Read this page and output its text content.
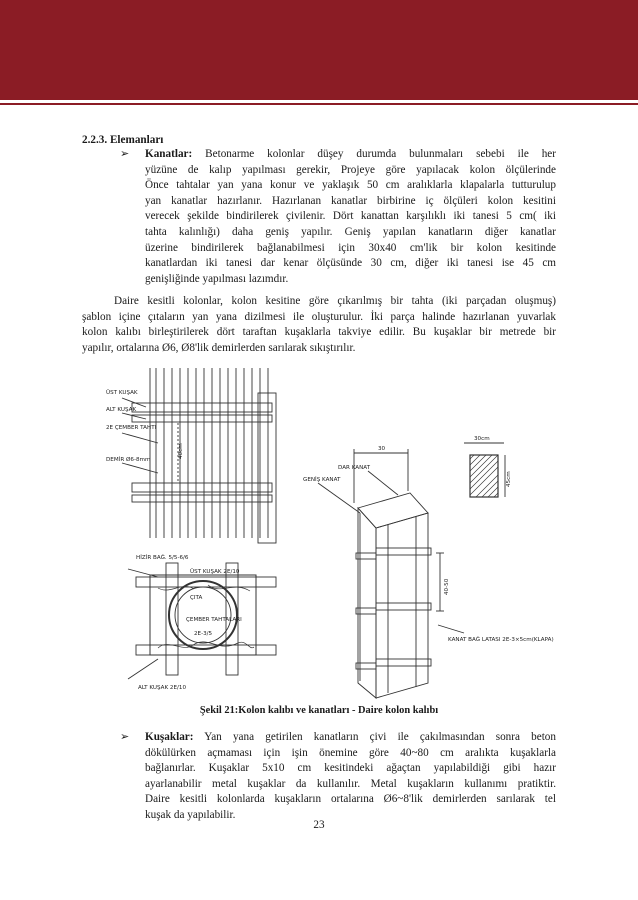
2.2.3. Elemanları
➢ Kanatlar: Betonarme kolonlar düşey durumda bulunmaları sebebi ile her
yüzüne de kalıp yapılması gerekir, Projeye göre yapılacak kolon ölçülerinde
Önce tahtalar yan yana konur ve yaklaşık 50 cm aralıklarla klapalarla tutturulup
yan kanatlar hazırlanır. Hazırlanan kanatlar birbirine iç ölçüleri kolon kesitini
verecek şekilde bindirilerek çivilenir. Dört kanattan karşılıklı iki tanesi 5 cm( iki
tahta kalınlığı) daha geniş yapılır. Geniş yapılan kanatların diğer kanatlar
üzerine bindirilerek bağlanabilmesi için 30x40 cm'lik bir kolon kesitinde
kanatlardan iki tanesi dar kenar ölçüsünde 30 cm, diğer iki tanesi ise 45 cm
genişliğinde yapılması lazımdır.
Daire kesitli kolonlar, kolon kesitine göre çıkarılmış bir tahta (iki parçadan oluşmuş)
şablon içine çıtaların yan yana dizilmesi ile oluşturulur. İki parça halinde hazırlanan yuvarlak
kolon kalıbı birleştirilerek dört taraftan kuşaklarla takviye edilir. Bu kuşaklar bir metrede bir
yapılır, ortalarına Ø6, Ø8'lik demirlerden sarılarak sıkıştırılır.
ÜST KUŞAK
ALT KUŞAK
2E ÇEMBER TAHTI
DEMİR Ø6-8mm
40cm
DAR KANAT
GENİŞ KANAT
30
30cm
45cm
40-50
KANAT BAĞ LATASI 2E-3×5cm(KLAPA)
HİZİR BAĞ. 5/5-6/6
ÜST KUŞAK 2E/10
ÇITA
ÇEMBER TAHTALARI
2E-3/5
ALT KUŞAK 2E/10
Şekil 21:Kolon kalıbı ve kanatları - Daire kolon kalıbı
➢ Kuşaklar: Yan yana getirilen kanatların çivi ile çakılmasından sonra beton
dökülürken açmaması için işin önemine göre 40~80 cm aralıkta kuşaklarla
bağlanırlar. Kuşaklar 5x10 cm kesitindeki ağaçtan yapılabildiği gibi hazır
ayarlanabilir metal kuşaklar da kullanılır. Metal kuşakların kullanımı pratiktir.
Daire kesitli kolonlarda kuşakların ortalarına Ø6~8'lik demirlerden sarılarak tel
kuşak da yapılabilir.
23
